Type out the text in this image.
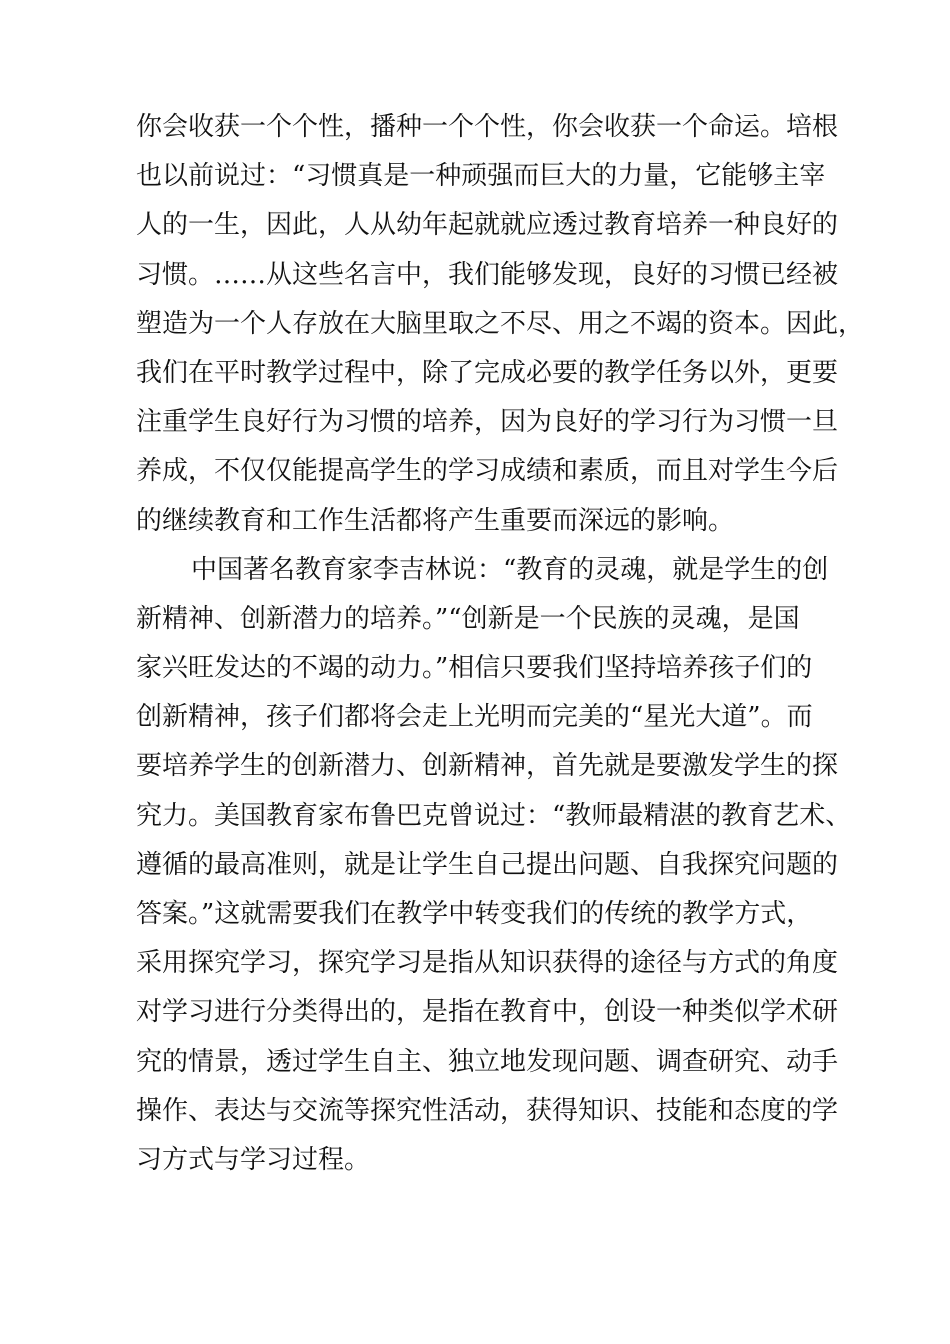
你会收获一个个性，播种一个个性，你会收获一个命运。培根
也以前说过：“习惯真是一种顽强而巨大的力量，它能够主宰
人的一生，因此，人从幼年起就就应透过教育培养一种良好的
习惯。……从这些名言中，我们能够发现，良好的习惯已经被
塑造为一个人存放在大脑里取之不尽、用之不竭的资本。因此，
我们在平时教学过程中，除了完成必要的教学任务以外，更要
注重学生良好行为习惯的培养，因为良好的学习行为习惯一旦
养成，不仅仅能提高学生的学习成绩和素质，而且对学生今后
的继续教育和工作生活都将产生重要而深远的影响。
中国著名教育家李吉林说：“教育的灵魂，就是学生的创
新精神、创新潜力的培养。”“创新是一个民族的灵魂，是国
家兴旺发达的不竭的动力。”相信只要我们坚持培养孩子们的
创新精神，孩子们都将会走上光明而完美的“星光大道”。而
要培养学生的创新潜力、创新精神，首先就是要激发学生的探
究力。美国教育家布鲁巴克曾说过：“教师最精湛的教育艺术、
遵循的最高准则，就是让学生自己提出问题、自我探究问题的
答案。”这就需要我们在教学中转变我们的传统的教学方式，
采用探究学习，探究学习是指从知识获得的途径与方式的角度
对学习进行分类得出的，是指在教育中，创设一种类似学术研
究的情景，透过学生自主、独立地发现问题、调查研究、动手
操作、表达与交流等探究性活动，获得知识、技能和态度的学
习方式与学习过程。
